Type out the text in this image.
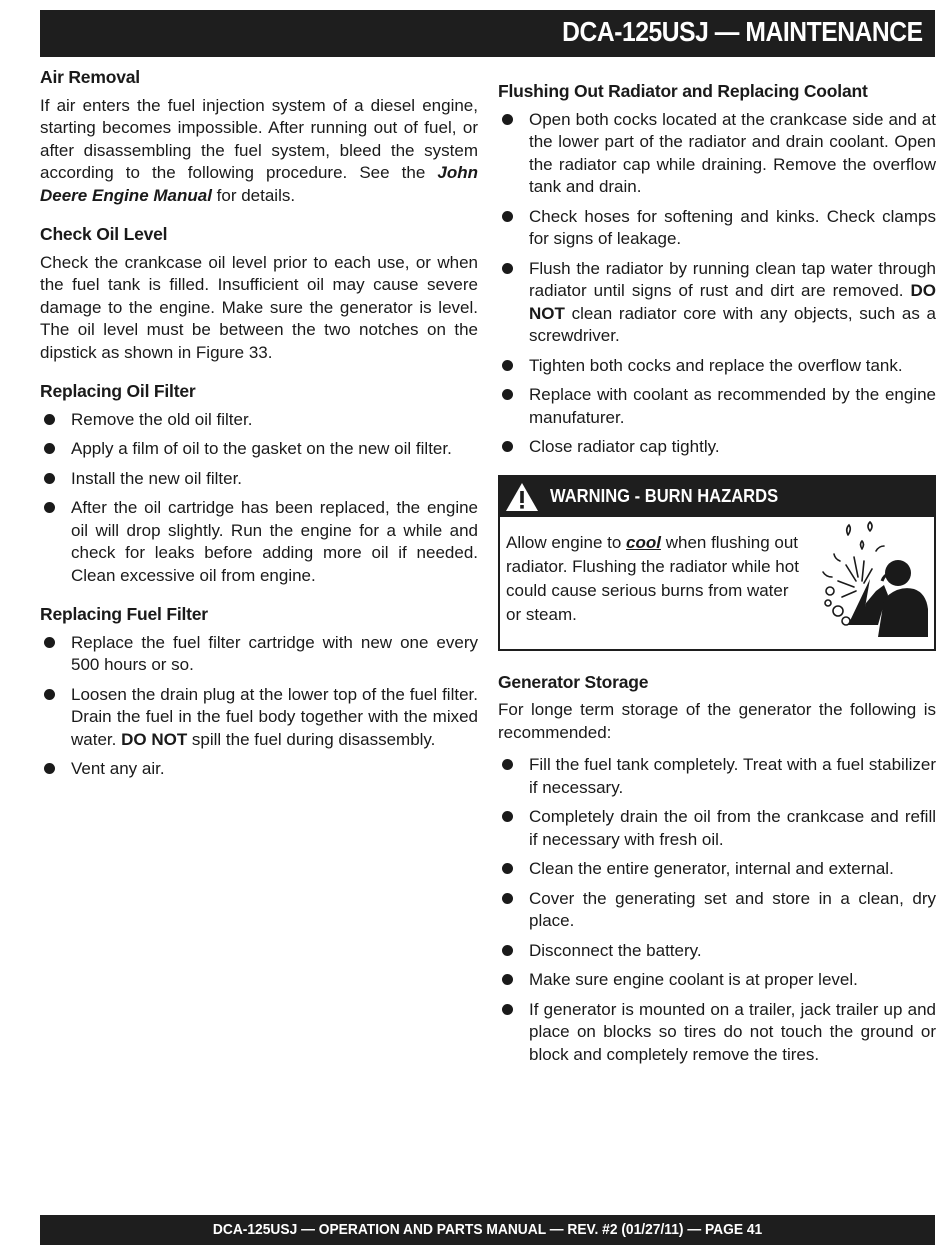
DCA-125USJ — MAINTENANCE
Air Removal

If air enters the fuel injection system of a diesel engine, starting becomes impossible. After running out of fuel, or after disassembling the fuel system, bleed the system according to the following procedure. See the John Deere Engine Manual for details.

Check Oil Level

Check the crankcase oil level prior to each use, or when the fuel tank is filled. Insufficient oil may cause severe damage to the engine. Make sure the generator is level. The oil level must be between the two notches on the dipstick as shown in Figure 33.

Replacing Oil Filter
Remove the old oil filter.
Apply a film of oil to the gasket on the new oil filter.
Install the new oil filter.
After the oil cartridge has been replaced, the engine oil will drop slightly. Run the engine for a while and check for leaks before adding more oil if needed. Clean excessive oil from engine.
Replacing Fuel Filter
Replace the fuel filter cartridge with new one every 500 hours or so.
Loosen the drain plug at the lower top of the fuel filter. Drain the fuel in the fuel body together with the mixed water. DO NOT spill the fuel during disassembly.
Vent any air.
Flushing Out Radiator and Replacing Coolant
Open both cocks located at the crankcase side and at the lower part of the radiator and drain coolant. Open the radiator cap while draining. Remove the overflow tank and drain.
Check hoses for softening and kinks. Check clamps for signs of leakage.
Flush the radiator by running clean tap water through radiator until signs of rust and dirt are removed. DO NOT clean radiator core with any objects, such as a screwdriver.
Tighten both cocks and replace the overflow tank.
Replace with coolant as recommended by the engine manufaturer.
Close radiator cap tightly.
WARNING - BURN HAZARDS
Allow engine to cool when flushing out radiator. Flushing the radiator while hot could cause serious burns from water or steam.
Generator Storage

For longe term storage of the generator the following is recommended:

Fill the fuel tank completely. Treat with a fuel stabilizer if necessary.
Completely drain the oil from the crankcase and refill if necessary with fresh oil.
Clean the entire generator, internal and external.
Cover the generating set and store in a clean, dry place.
Disconnect the battery.
Make sure engine coolant is at proper level.
If generator is mounted on a trailer, jack trailer up and place on blocks so tires do not touch the ground or block and completely remove the tires.
DCA-125USJ — OPERATION AND PARTS MANUAL — REV. #2 (01/27/11) — PAGE 41
